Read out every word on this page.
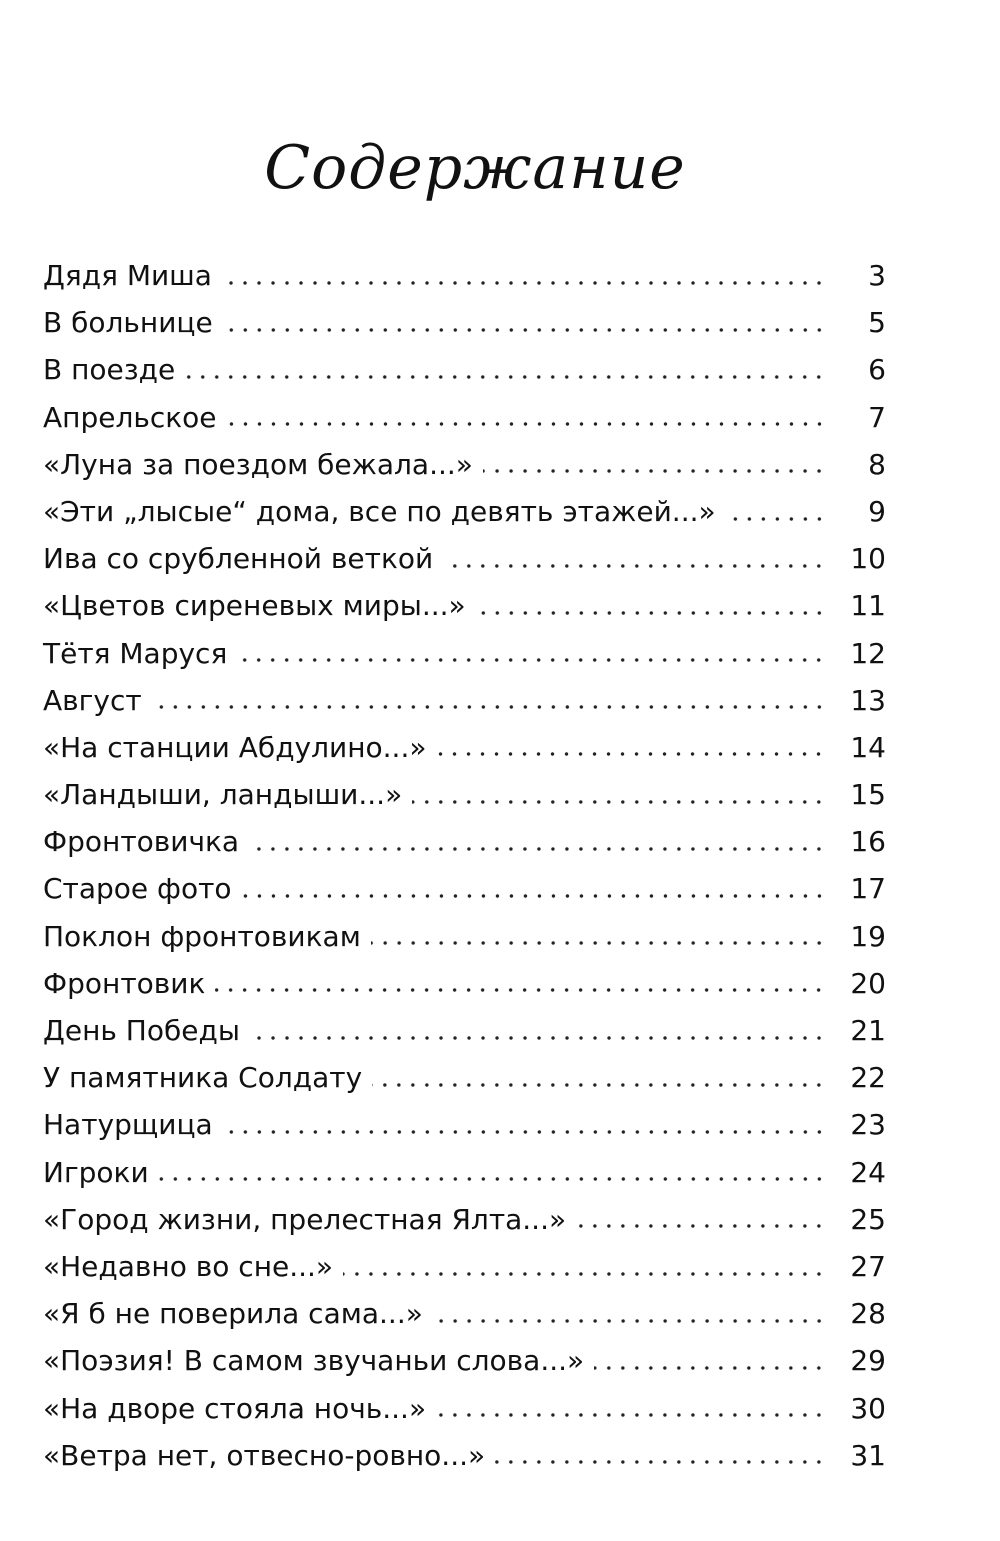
Содержание
Дядя Миша	3
В больнице	5
В поезде	6
Апрельское	7
«Луна за поездом бежала...»	8
«Эти „лысые“ дома, все по девять этажей...»	9
Ива со срубленной веткой	10
«Цветов сиреневых миры...»	11
Тётя Маруся	12
Август	13
«На станции Абдулино...»	14
«Ландыши, ландыши...»	15
Фронтовичка	16
Старое фото	17
Поклон фронтовикам	19
Фронтовик	20
День Победы	21
У памятника Солдату	22
Натурщица	23
Игроки	24
«Город жизни, прелестная Ялта...»	25
«Недавно во сне...»	27
«Я б не поверила сама...»	28
«Поэзия! В самом звучаньи слова...»	29
«На дворе стояла ночь...»	30
«Ветра нет, отвесно-ровно...»	31
